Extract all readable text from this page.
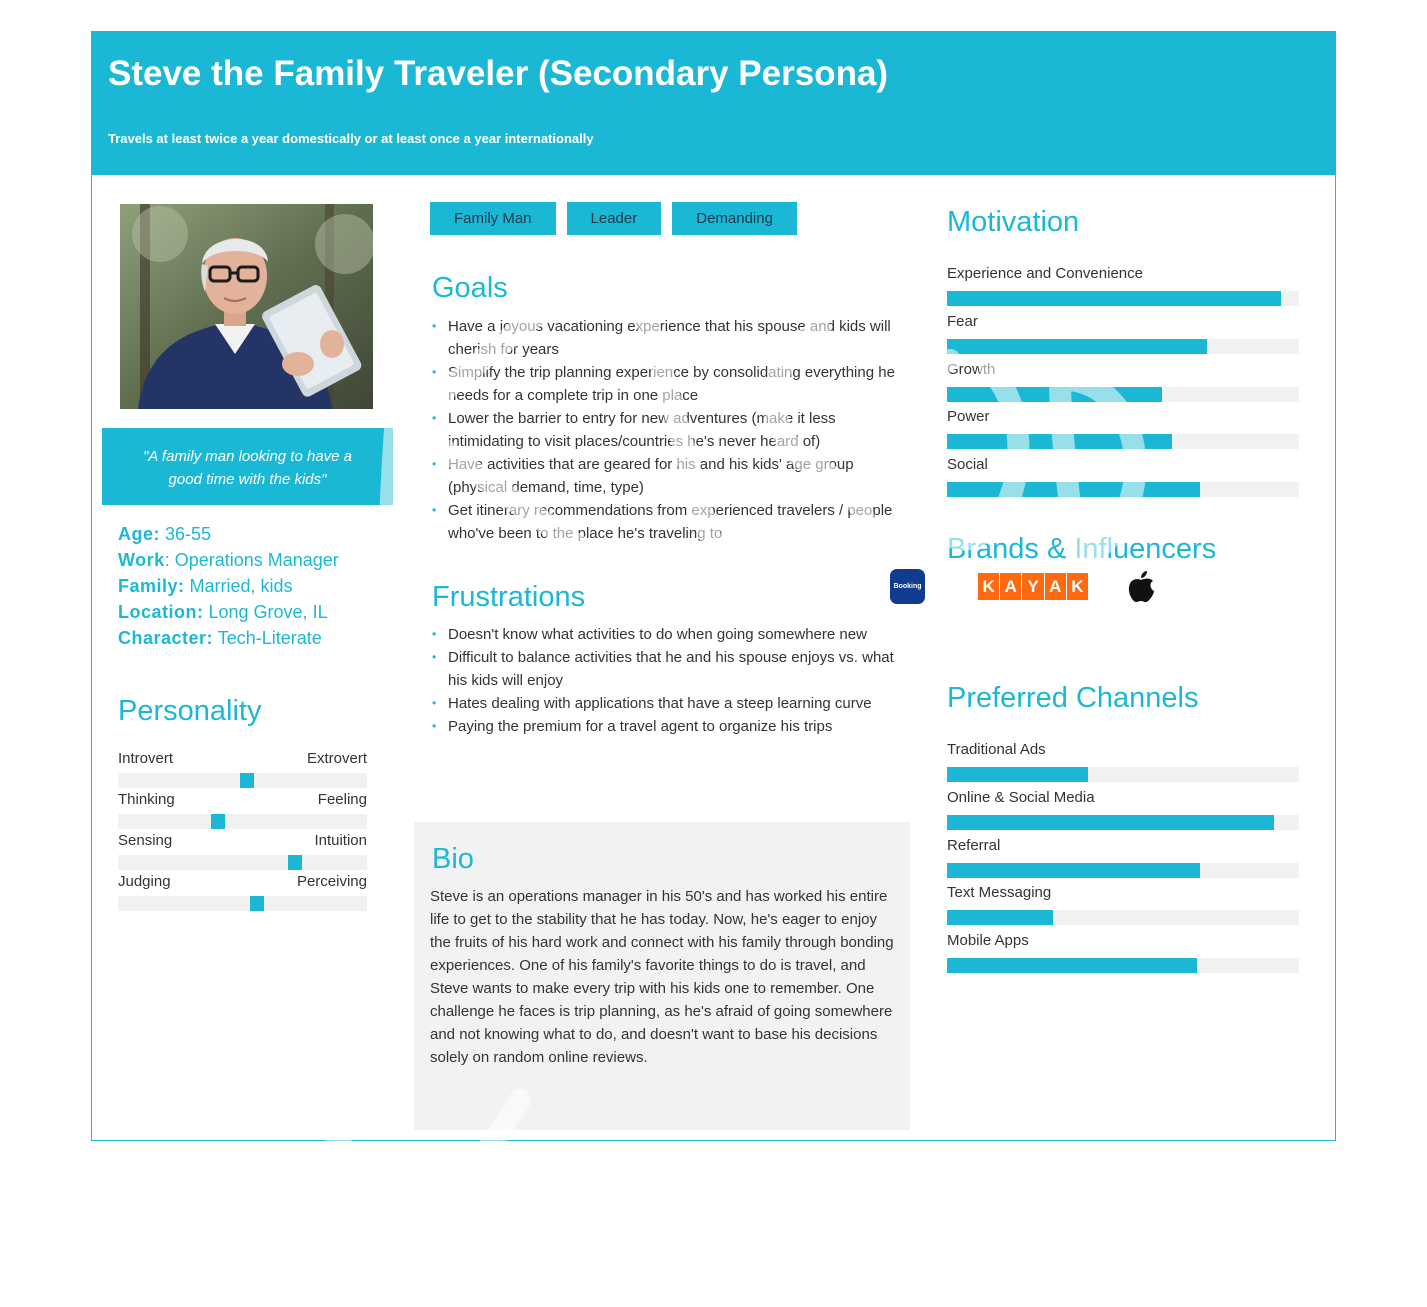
Steve the Family Traveler (Secondary Persona)
Travels at least twice a year domestically or at least once a year internationally
"A family man looking to have a good time with the kids"
Age: 36-55
Work: Operations Manager
Family: Married, kids
Location: Long Grove, IL
Character: Tech-Literate
Personality
Introvert	Extrovert
Thinking	Feeling
Sensing	Intuition
Judging	Perceiving
Family Man	Leader	Demanding
Goals
• Have a joyous vacationing experience that his spouse and kids will cherish for years
• Simplify the trip planning experience by consolidating everything he needs for a complete trip in one place
• Lower the barrier to entry for new adventures (make it less intimidating to visit places/countries he's never heard of)
• Have activities that are geared for his and his kids' age group (physical demand, time, type)
• Get itinerary recommendations from experienced travelers / people who've been to the place he's traveling to
Frustrations
• Doesn't know what activities to do when going somewhere new
• Difficult to balance activities that he and his spouse enjoys vs. what his kids will enjoy
• Hates dealing with applications that have a steep learning curve
• Paying the premium for a travel agent to organize his trips
Bio

Steve is an operations manager in his 50's and has worked his entire life to get to the stability that he has today. Now, he's eager to enjoy the fruits of his hard work and connect with his family through bonding experiences. One of his family's favorite things to do is travel, and Steve wants to make every trip with his kids one to remember. One challenge he faces is trip planning, as he's afraid of going somewhere and not knowing what to do, and doesn't want to base his decisions solely on random online reviews.

Motivation
Experience and Convenience
Fear
Growth
Power
Social
Brands & Influencers
Preferred Channels
Traditional Ads
Online & Social Media
Referral
Text Messaging
Mobile Apps
Booking	K A Y A K
